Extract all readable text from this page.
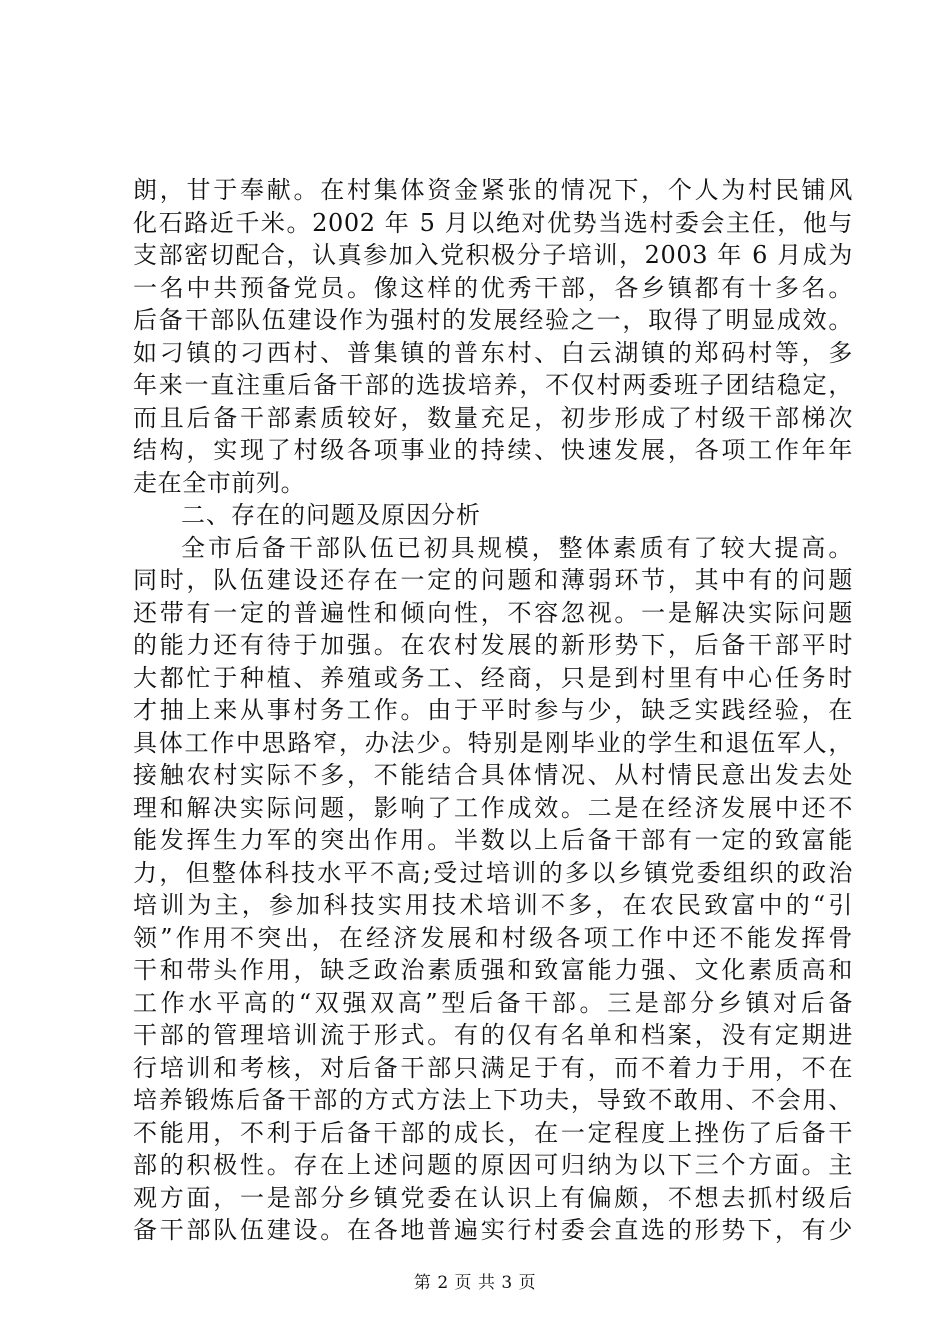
朗，甘于奉献。在村集体资金紧张的情况下，个人为村民铺风
化石路近千米。2002 年 5 月以绝对优势当选村委会主任，他与
支部密切配合，认真参加入党积极分子培训，2003 年 6 月成为
一名中共预备党员。像这样的优秀干部，各乡镇都有十多名。
后备干部队伍建设作为强村的发展经验之一，取得了明显成效。
如刁镇的刁西村、普集镇的普东村、白云湖镇的郑码村等，多
年来一直注重后备干部的选拔培养，不仅村两委班子团结稳定，
而且后备干部素质较好，数量充足，初步形成了村级干部梯次
结构，实现了村级各项事业的持续、快速发展，各项工作年年
走在全市前列。
二、存在的问题及原因分析
全市后备干部队伍已初具规模，整体素质有了较大提高。
同时，队伍建设还存在一定的问题和薄弱环节，其中有的问题
还带有一定的普遍性和倾向性，不容忽视。一是解决实际问题
的能力还有待于加强。在农村发展的新形势下，后备干部平时
大都忙于种植、养殖或务工、经商，只是到村里有中心任务时
才抽上来从事村务工作。由于平时参与少，缺乏实践经验，在
具体工作中思路窄，办法少。特别是刚毕业的学生和退伍军人，
接触农村实际不多，不能结合具体情况、从村情民意出发去处
理和解决实际问题，影响了工作成效。二是在经济发展中还不
能发挥生力军的突出作用。半数以上后备干部有一定的致富能
力，但整体科技水平不高;受过培训的多以乡镇党委组织的政治
培训为主，参加科技实用技术培训不多，在农民致富中的“引
领”作用不突出，在经济发展和村级各项工作中还不能发挥骨
干和带头作用，缺乏政治素质强和致富能力强、文化素质高和
工作水平高的“双强双高”型后备干部。三是部分乡镇对后备
干部的管理培训流于形式。有的仅有名单和档案，没有定期进
行培训和考核，对后备干部只满足于有，而不着力于用，不在
培养锻炼后备干部的方式方法上下功夫，导致不敢用、不会用、
不能用，不利于后备干部的成长，在一定程度上挫伤了后备干
部的积极性。存在上述问题的原因可归纳为以下三个方面。主
观方面，一是部分乡镇党委在认识上有偏颇，不想去抓村级后
备干部队伍建设。在各地普遍实行村委会直选的形势下，有少
第 2 页 共 3 页
